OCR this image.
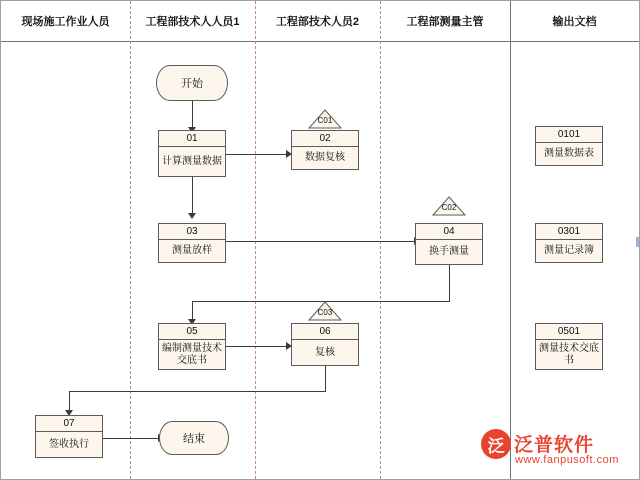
现场施工作业人员	工程部技术人人员1	工程部技术人员2	工程部测量主管	输出文档
C01
C02
C03
开始
结束
01
计算测量数据
02
数据复核
03
测量放样
04
换手测量
05
编制测量技术交底书
06
复核
07
签收执行
0101
测量数据表
0301
测量记录簿
0501
测量技术交底书
泛 泛普软件
www.fanpusoft.com
